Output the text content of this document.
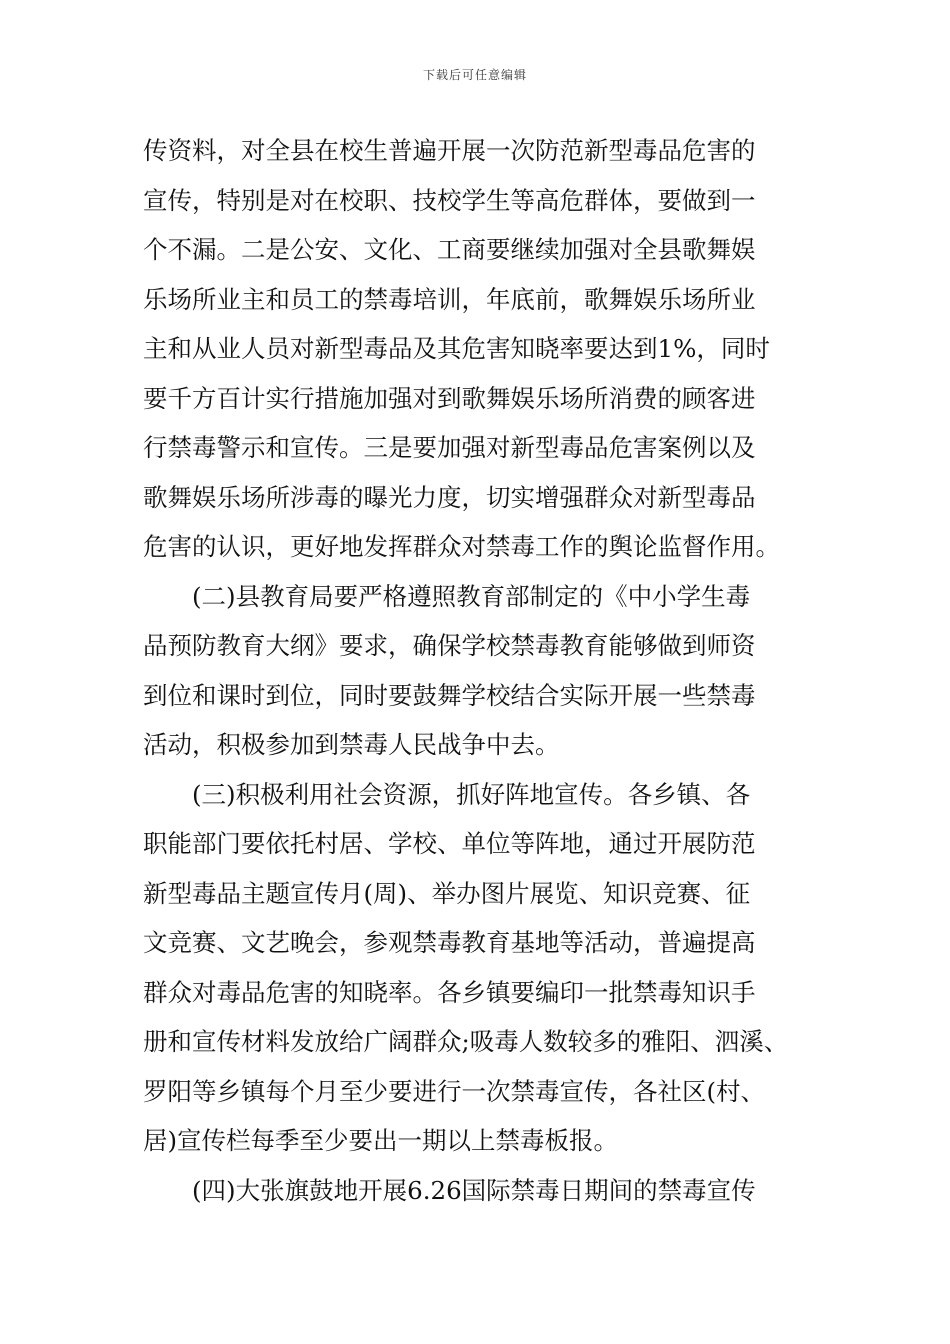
下载后可任意编辑
传资料，对全县在校生普遍开展一次防范新型毒品危害的
宣传，特别是对在校职、技校学生等高危群体，要做到一
个不漏。二是公安、文化、工商要继续加强对全县歌舞娱
乐场所业主和员工的禁毒培训，年底前，歌舞娱乐场所业
主和从业人员对新型毒品及其危害知晓率要达到1%，同时
要千方百计实行措施加强对到歌舞娱乐场所消费的顾客进
行禁毒警示和宣传。三是要加强对新型毒品危害案例以及
歌舞娱乐场所涉毒的曝光力度，切实增强群众对新型毒品
危害的认识，更好地发挥群众对禁毒工作的舆论监督作用。
(二)县教育局要严格遵照教育部制定的《中小学生毒
品预防教育大纲》要求，确保学校禁毒教育能够做到师资
到位和课时到位，同时要鼓舞学校结合实际开展一些禁毒
活动，积极参加到禁毒人民战争中去。
(三)积极利用社会资源，抓好阵地宣传。各乡镇、各
职能部门要依托村居、学校、单位等阵地，通过开展防范
新型毒品主题宣传月(周)、举办图片展览、知识竞赛、征
文竞赛、文艺晚会，参观禁毒教育基地等活动，普遍提高
群众对毒品危害的知晓率。各乡镇要编印一批禁毒知识手
册和宣传材料发放给广阔群众;吸毒人数较多的雅阳、泗溪、
罗阳等乡镇每个月至少要进行一次禁毒宣传，各社区(村、
居)宣传栏每季至少要出一期以上禁毒板报。
(四)大张旗鼓地开展6.26国际禁毒日期间的禁毒宣传
